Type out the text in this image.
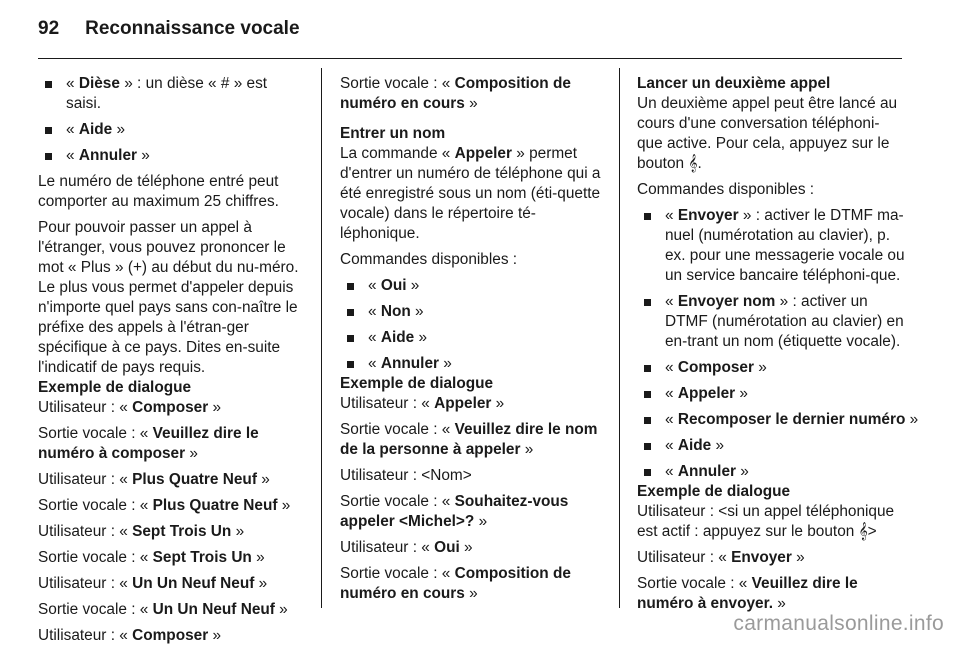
92 Reconnaissance vocale
« Dièse » : un dièse « # » est saisi.
« Aide »
« Annuler »

Le numéro de téléphone entré peut comporter au maximum 25 chiffres.

Pour pouvoir passer un appel à l'étranger, vous pouvez prononcer le mot « Plus » (+) au début du nu-méro. Le plus vous permet d'appeler depuis n'importe quel pays sans con-naître le préfixe des appels à l'étran-ger spécifique à ce pays. Dites en-suite l'indicatif de pays requis.

Exemple de dialogue

Utilisateur : « Composer »

Sortie vocale : « Veuillez dire le numéro à composer »

Utilisateur : « Plus Quatre Neuf »

Sortie vocale : « Plus Quatre Neuf »

Utilisateur : « Sept Trois Un »

Sortie vocale : « Sept Trois Un »

Utilisateur : « Un Un Neuf Neuf »

Sortie vocale : « Un Un Neuf Neuf »

Utilisateur : « Composer »

Sortie vocale : « Composition de numéro en cours »

Entrer un nom

La commande « Appeler » permet d'entrer un numéro de téléphone qui a été enregistré sous un nom (éti-quette vocale) dans le répertoire té-léphonique.

Commandes disponibles :

« Oui »
« Non »
« Aide »
« Annuler »

Exemple de dialogue

Utilisateur : « Appeler »

Sortie vocale : « Veuillez dire le nom de la personne à appeler »

Utilisateur : <Nom>

Sortie vocale : « Souhaitez-vous appeler <Michel>? »

Utilisateur : « Oui »

Sortie vocale : « Composition de numéro en cours »

Lancer un deuxième appel

Un deuxième appel peut être lancé au cours d'une conversation téléphoni-que active. Pour cela, appuyez sur le bouton 𝄞.

Commandes disponibles :

« Envoyer » : activer le DTMF ma-nuel (numérotation au clavier), p. ex. pour une messagerie vocale ou un service bancaire téléphoni-que.
« Envoyer nom » : activer un DTMF (numérotation au clavier) en en-trant un nom (étiquette vocale).
« Composer »
« Appeler »
« Recomposer le dernier numéro »
« Aide »
« Annuler »

Exemple de dialogue

Utilisateur : <si un appel téléphonique est actif : appuyez sur le bouton 𝄞>

Utilisateur : « Envoyer »

Sortie vocale : « Veuillez dire le numéro à envoyer. »

carmanualsonline.info
